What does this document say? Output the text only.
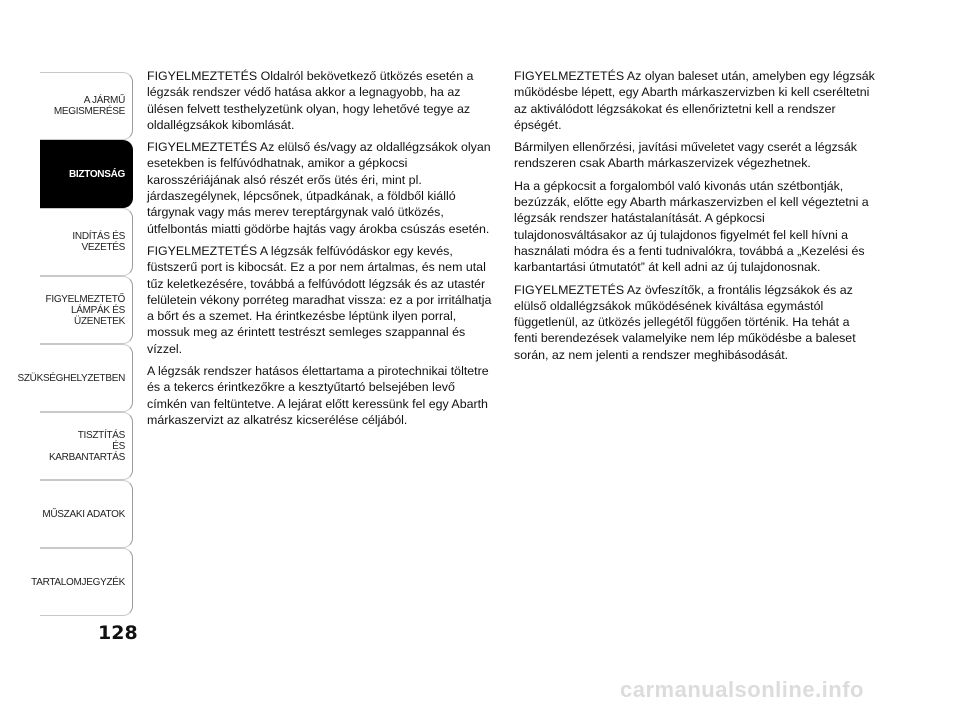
A JÁRMŰ
MEGISMERÉSE
BIZTONSÁG
INDÍTÁS ÉS VEZETÉS
FIGYELMEZTETŐ
LÁMPÁK ÉS
ÜZENETEK
SZÜKSÉGHELYZETBEN
TISZTÍTÁS
ÉS KARBANTARTÁS
MŰSZAKI ADATOK
TARTALOMJEGYZÉK
128

FIGYELMEZTETÉS Oldalról bekövetkező ütközés esetén a légzsák rendszer védő hatása akkor a legnagyobb, ha az ülésen felvett testhelyzetünk olyan, hogy lehetővé tegye az oldallégzsákok kibomlását.

FIGYELMEZTETÉS Az elülső és/vagy az oldallégzsákok olyan esetekben is felfúvódhatnak, amikor a gépkocsi karosszériájának alsó részét erős ütés éri, mint pl. járdaszegélynek, lépcsőnek, útpadkának, a földből kiálló tárgynak vagy más merev tereptárgynak való ütközés, útfelbontás miatti gödörbe hajtás vagy árokba csúszás esetén.

FIGYELMEZTETÉS A légzsák felfúvódáskor egy kevés, füstszerű port is kibocsát. Ez a por nem ártalmas, és nem utal tűz keletkezésére, továbbá a felfúvódott légzsák és az utastér felületein vékony porréteg maradhat vissza: ez a por irritálhatja a bőrt és a szemet. Ha érintkezésbe léptünk ilyen porral, mossuk meg az érintett testrészt semleges szappannal és vízzel.

A légzsák rendszer hatásos élettartama a pirotechnikai töltetre és a tekercs érintkezőkre a kesztyűtartó belsejében levő címkén van feltüntetve. A lejárat előtt keressünk fel egy Abarth márkaszervizt az alkatrész kicserélése céljából.

FIGYELMEZTETÉS Az olyan baleset után, amelyben egy légzsák működésbe lépett, egy Abarth márkaszervizben ki kell cseréltetni az aktiválódott légzsákokat és ellenőriztetni kell a rendszer épségét.

Bármilyen ellenőrzési, javítási műveletet vagy cserét a légzsák rendszeren csak Abarth márkaszervizek végezhetnek.

Ha a gépkocsit a forgalomból való kivonás után szétbontják, bezúzzák, előtte egy Abarth márkaszervizben el kell végeztetni a légzsák rendszer hatástalanítását. A gépkocsi tulajdonosváltásakor az új tulajdonos figyelmét fel kell hívni a használati módra és a fenti tudnivalókra, továbbá a „Kezelési és karbantartási útmutatót” át kell adni az új tulajdonosnak.

FIGYELMEZTETÉS Az övfeszítők, a frontális légzsákok és az elülső oldallégzsákok működésének kiváltása egymástól függetlenül, az ütközés jellegétől függően történik. Ha tehát a fenti berendezések valamelyike nem lép működésbe a baleset során, az nem jelenti a rendszer meghibásodását.

carmanualsonline.info
